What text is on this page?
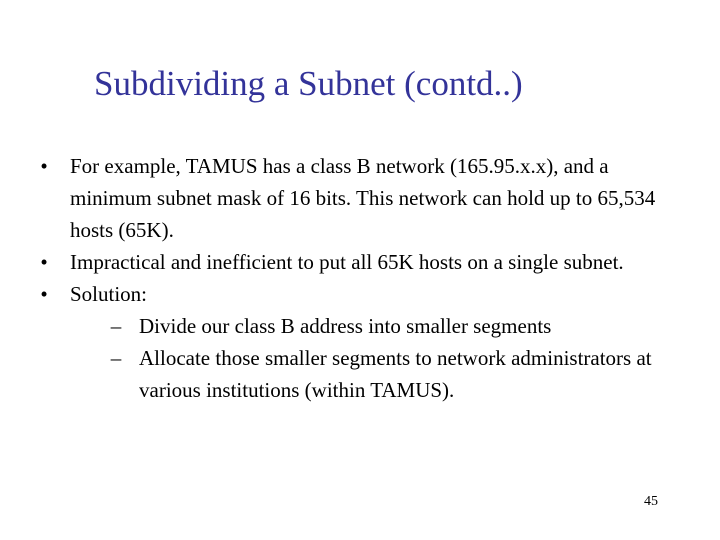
Subdividing a Subnet (contd..)
•	For example, TAMUS has a class B network (165.95.x.x), and a minimum subnet mask of 16 bits. This network can hold up to 65,534 hosts (65K).
•	Impractical and inefficient to put all 65K hosts on a single subnet.
•	Solution:
– Divide our class B address into smaller segments
– Allocate those smaller segments to network administrators at various institutions (within TAMUS).
45
